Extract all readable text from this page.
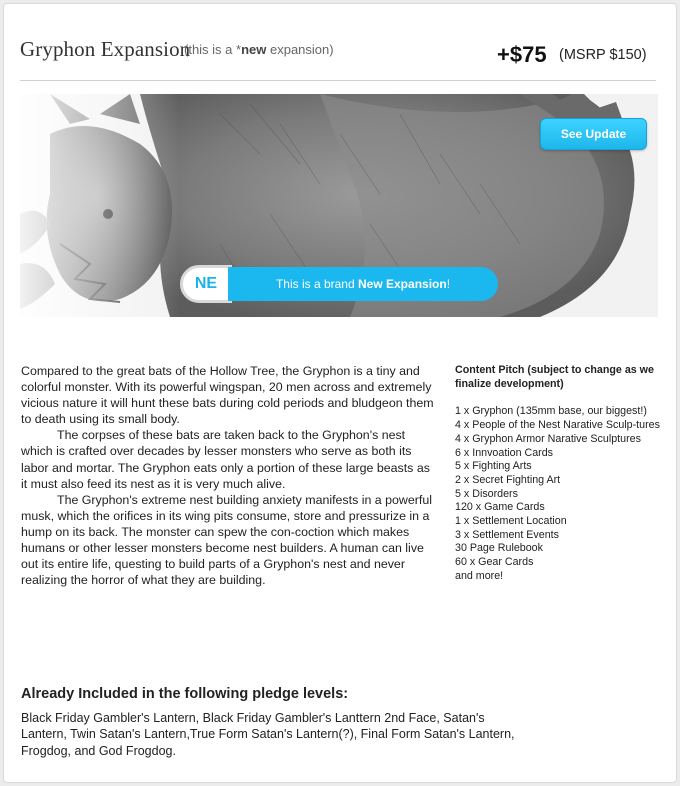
Gryphon Expansion
(this is a *new expansion)	+$75 (MSRP $150)
See Update
NE	This is a brand New Expansion!

Compared to the great bats of the Hollow Tree, the Gryphon is a tiny and colorful monster. With its powerful wingspan, 20 men across and extremely vicious nature it will hunt these bats during cold periods and bludgeon them to death using its small body.

The corpses of these bats are taken back to the Gryphon's nest which is crafted over decades by lesser monsters who serve as both its labor and mortar. The Gryphon eats only a portion of these large beasts as it must also feed its nest as it is very much alive.

The Gryphon's extreme nest building anxiety manifests in a powerful musk, which the orifices in its wing pits consume, store and pressurize in a hump on its back. The monster can spew the con-coction which makes humans or other lesser monsters become nest builders. A human can live out its entire life, questing to build parts of a Gryphon's nest and never realizing the horror of what they are building.

Content Pitch (subject to change as we finalize development)
1 x Gryphon (135mm base, our biggest!)
4 x People of the Nest Narative Sculp-tures
4 x Gryphon Armor Narative Sculptures
6 x Innvoation Cards
5 x Fighting Arts
2 x Secret Fighting Art
5 x Disorders
120 x Game Cards
1 x Settlement Location
3 x Settlement Events
30 Page Rulebook
60 x Gear Cards
and more!
Already Included in the following pledge levels:
Black Friday Gambler's Lantern, Black Friday Gambler's Lanttern 2nd Face, Satan's Lantern, Twin Satan's Lantern,True Form Satan's Lantern(?), Final Form Satan's Lantern, Frogdog, and God Frogdog.
